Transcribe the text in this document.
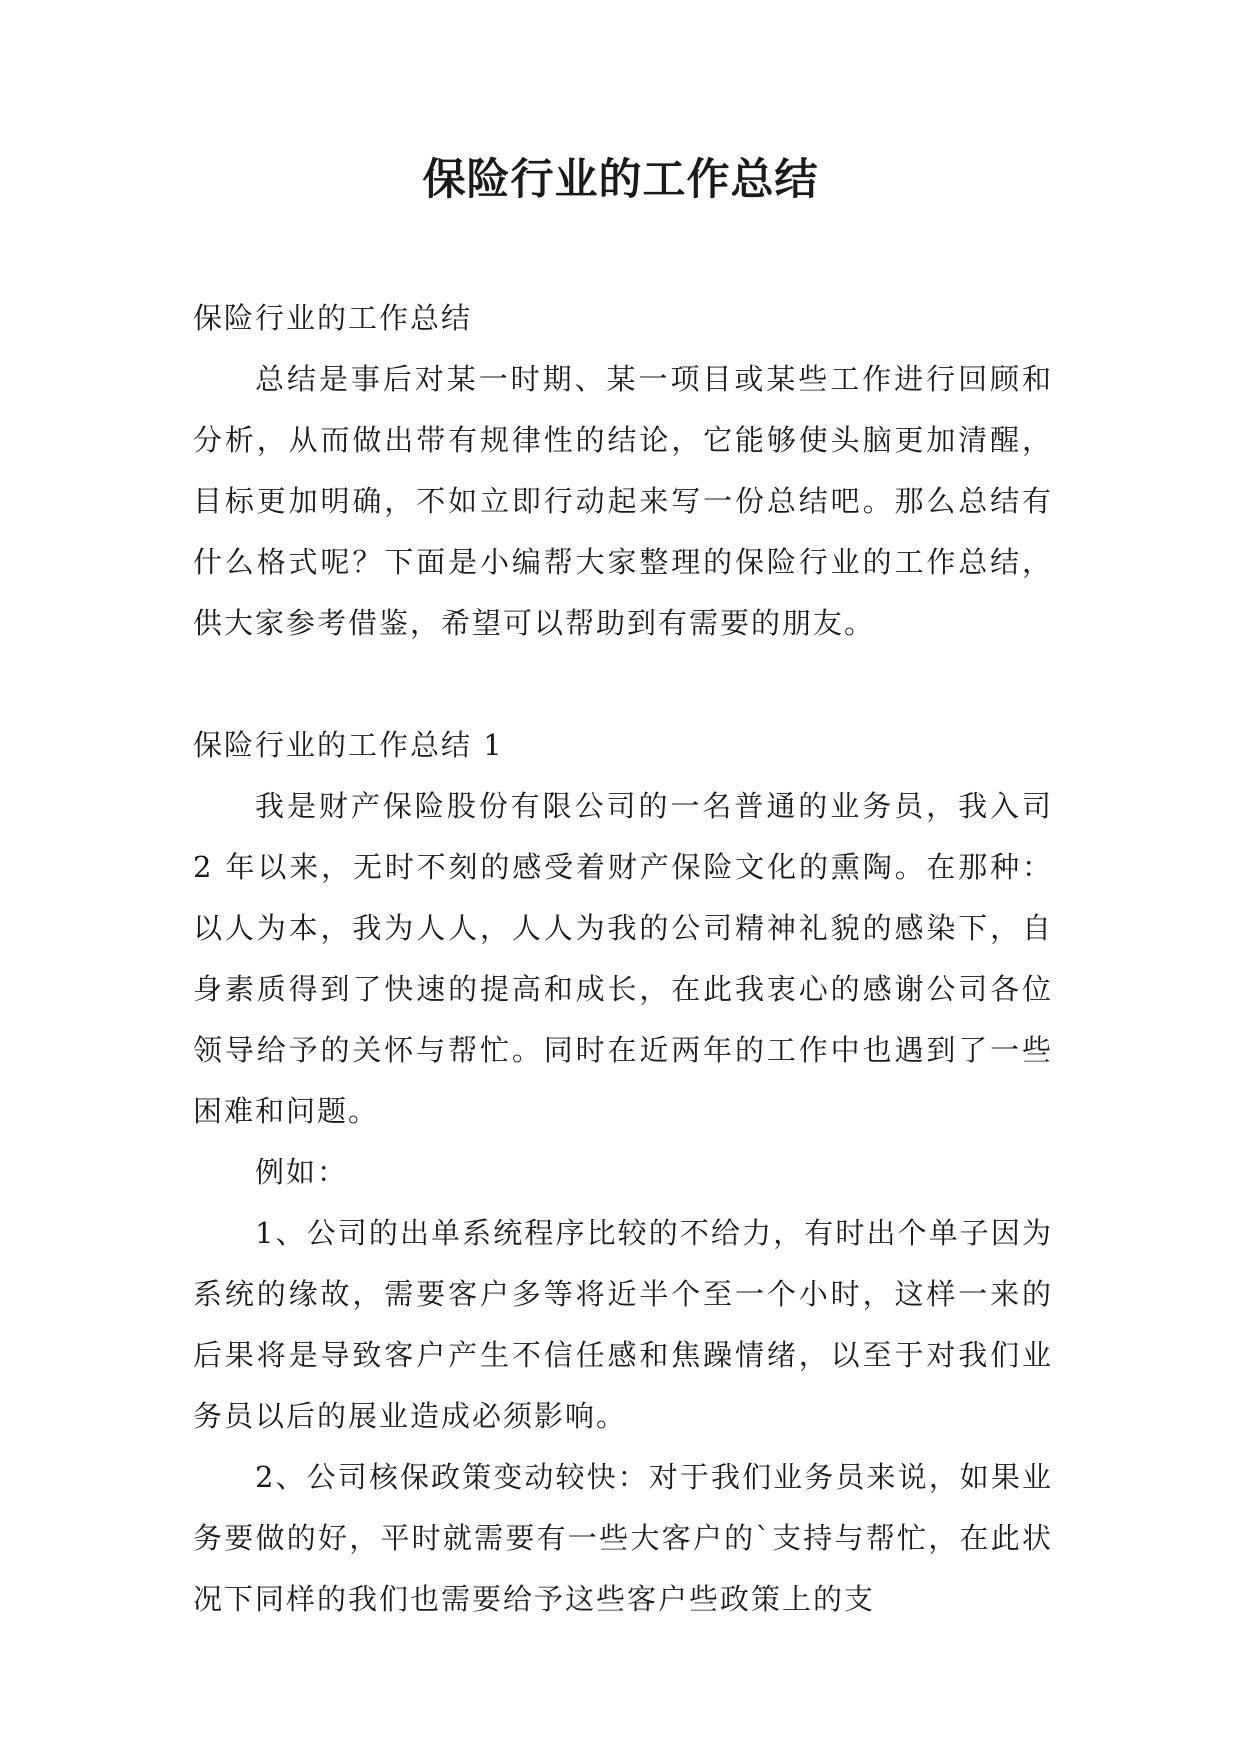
保险行业的工作总结

保险行业的工作总结

总结是事后对某一时期、某一项目或某些工作进行回顾和分析，从而做出带有规律性的结论，它能够使头脑更加清醒，目标更加明确，不如立即行动起来写一份总结吧。那么总结有什么格式呢？下面是小编帮大家整理的保险行业的工作总结，供大家参考借鉴，希望可以帮助到有需要的朋友。

保险行业的工作总结 1

我是财产保险股份有限公司的一名普通的业务员，我入司 2 年以来，无时不刻的感受着财产保险文化的熏陶。在那种：以人为本，我为人人，人人为我的公司精神礼貌的感染下，自身素质得到了快速的提高和成长，在此我衷心的感谢公司各位领导给予的关怀与帮忙。同时在近两年的工作中也遇到了一些困难和问题。

例如：

1、公司的出单系统程序比较的不给力，有时出个单子因为系统的缘故，需要客户多等将近半个至一个小时，这样一来的后果将是导致客户产生不信任感和焦躁情绪，以至于对我们业务员以后的展业造成必须影响。

2、公司核保政策变动较快：对于我们业务员来说，如果业务要做的好，平时就需要有一些大客户的`支持与帮忙，在此状况下同样的我们也需要给予这些客户些政策上的支
